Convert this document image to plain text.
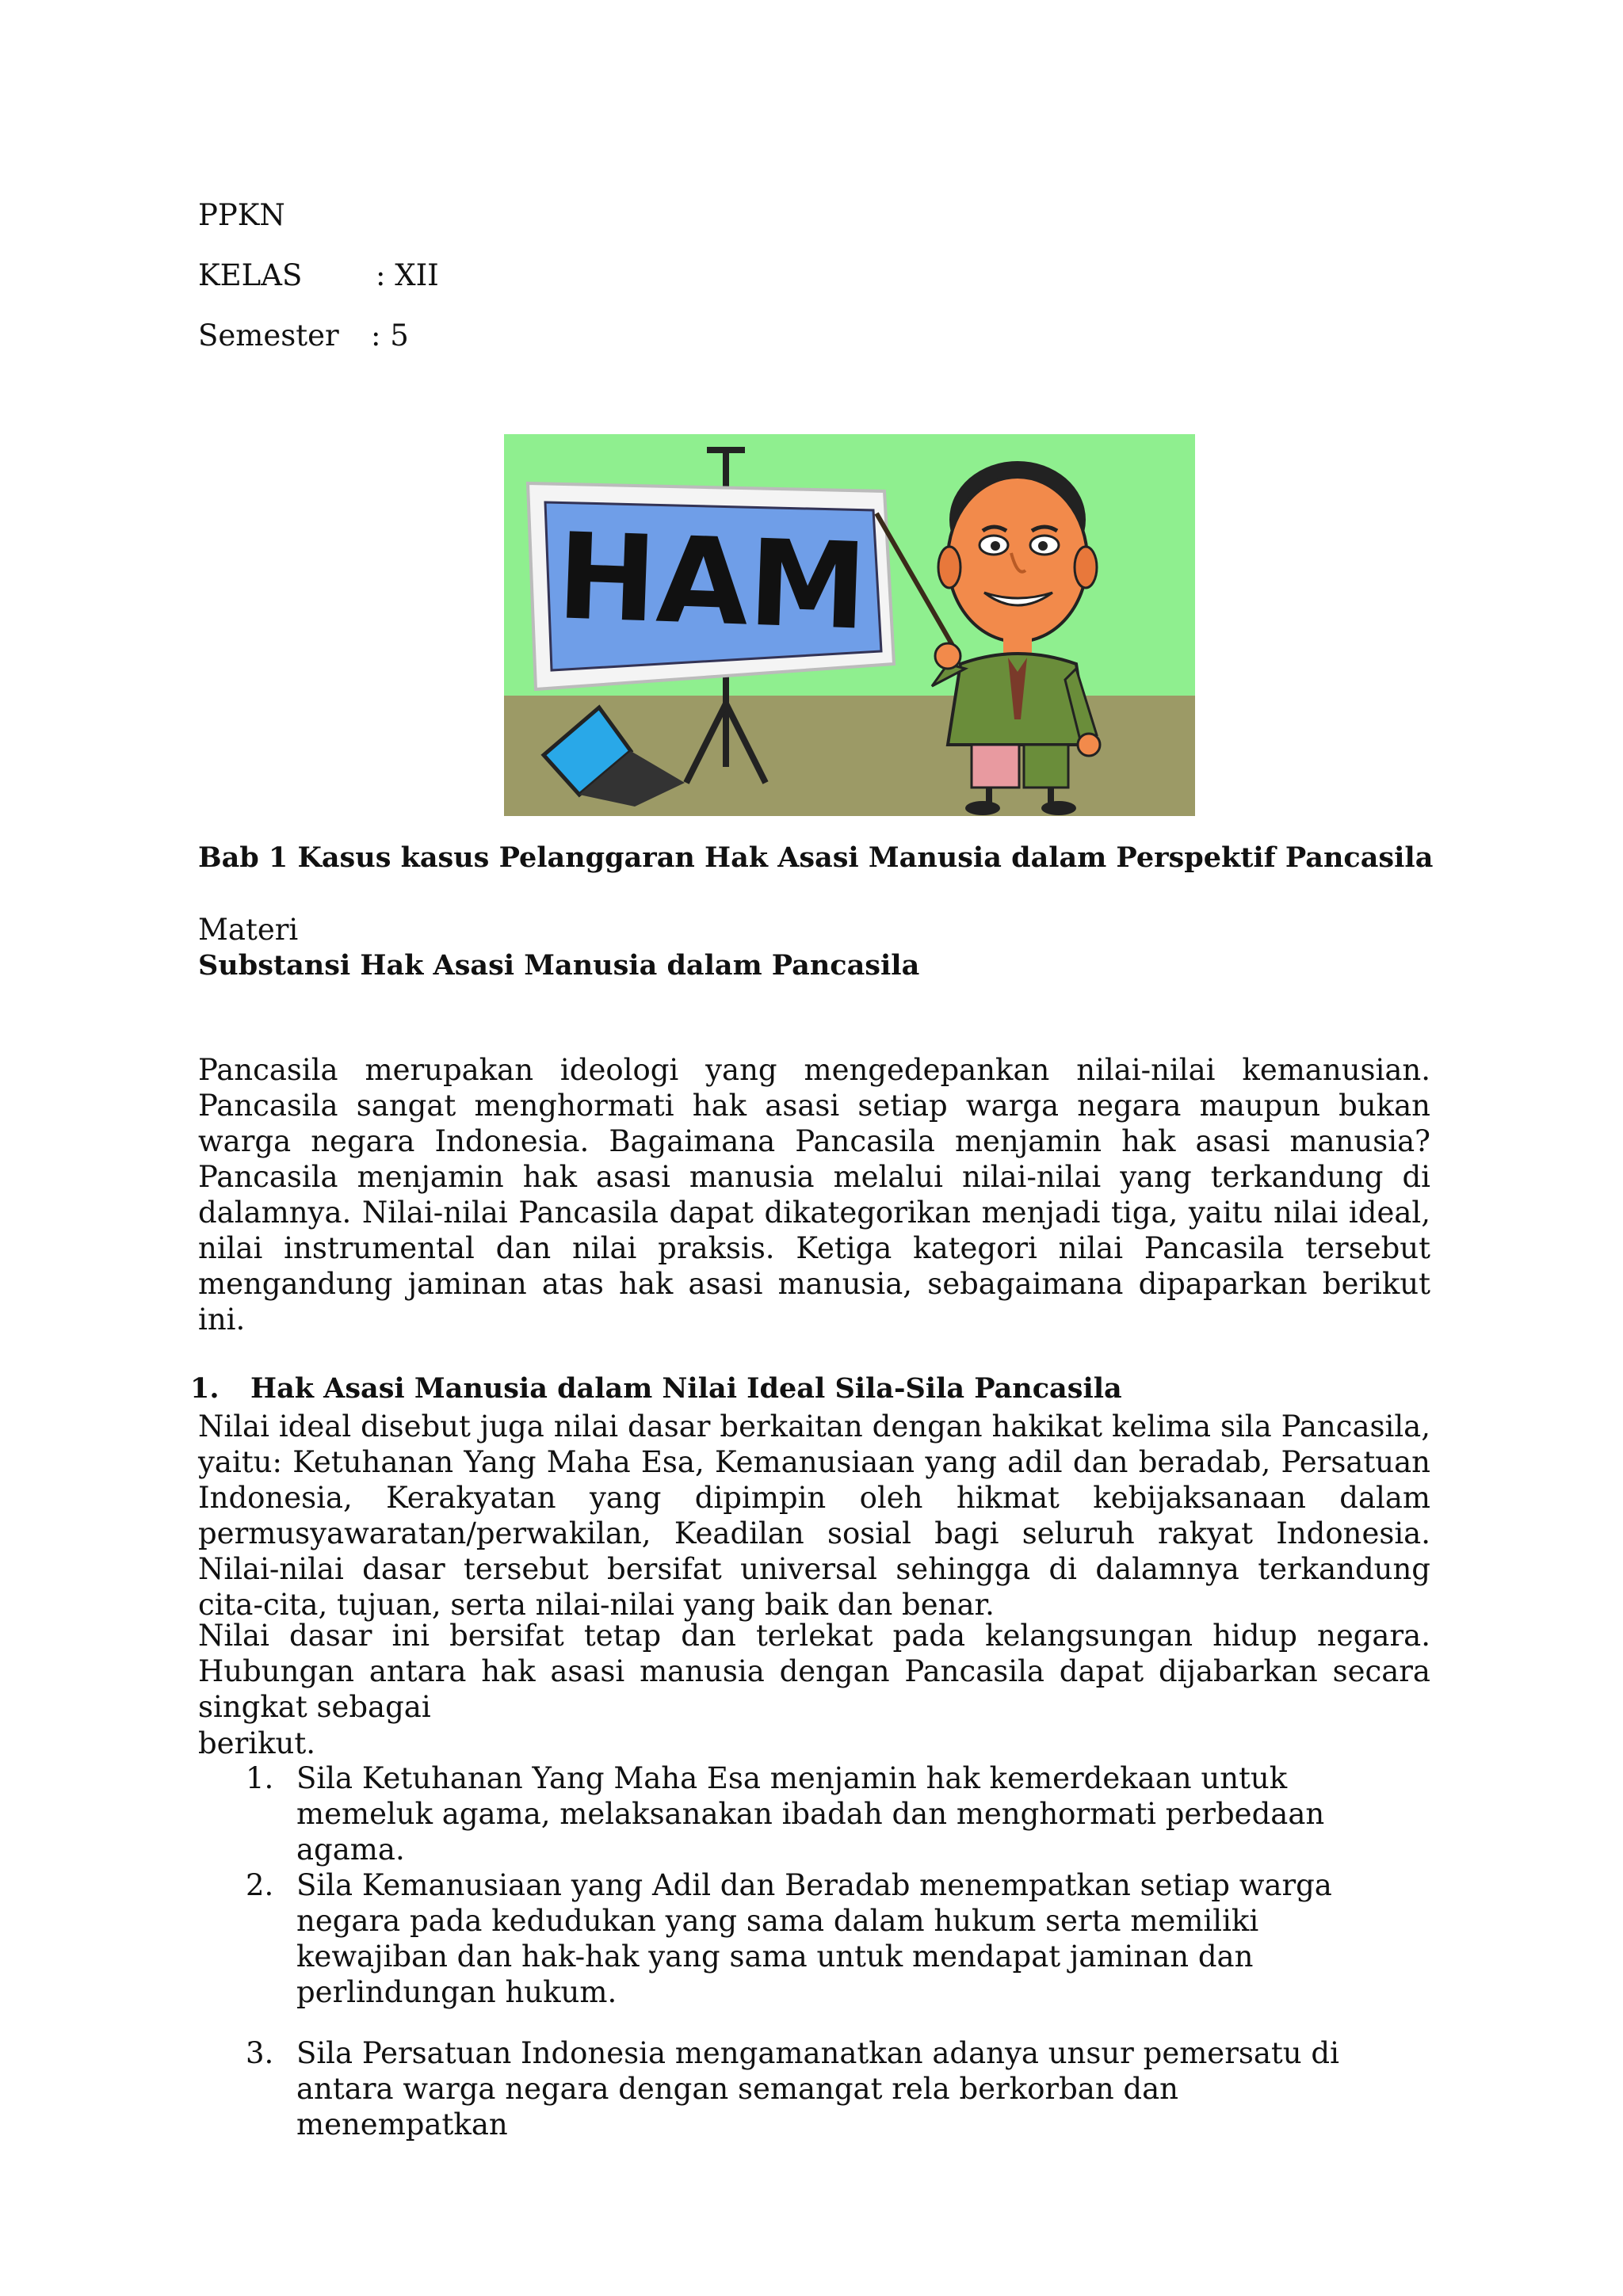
PPKN
KELAS	: XII
Semester : 5
HAM
Bab 1 Kasus kasus Pelanggaran Hak Asasi Manusia dalam Perspektif Pancasila
Materi
Substansi Hak Asasi Manusia dalam Pancasila

Pancasila merupakan ideologi yang mengedepankan nilai-nilai kemanusian. Pancasila sangat menghormati hak asasi setiap warga negara maupun bukan warga negara Indonesia. Bagaimana Pancasila menjamin hak asasi manusia? Pancasila menjamin hak asasi manusia melalui nilai-nilai yang terkandung di dalamnya. Nilai-nilai Pancasila dapat dikategorikan menjadi tiga, yaitu nilai ideal, nilai instrumental dan nilai praksis. Ketiga kategori nilai Pancasila tersebut mengandung jaminan atas hak asasi manusia, sebagaimana dipaparkan berikut ini.

1. Hak Asasi Manusia dalam Nilai Ideal Sila-Sila Pancasila

Nilai ideal disebut juga nilai dasar berkaitan dengan hakikat kelima sila Pancasila, yaitu: Ketuhanan Yang Maha Esa, Kemanusiaan yang adil dan beradab, Persatuan Indonesia, Kerakyatan yang dipimpin oleh hikmat kebijaksanaan dalam permusyawaratan/perwakilan, Keadilan sosial bagi seluruh rakyat Indonesia. Nilai-nilai dasar tersebut bersifat universal sehingga di dalamnya terkandung cita-cita, tujuan, serta nilai-nilai yang baik dan benar.

Nilai dasar ini bersifat tetap dan terlekat pada kelangsungan hidup negara. Hubungan antara hak asasi manusia dengan Pancasila dapat dijabarkan secara singkat sebagai

berikut.

1. Sila Ketuhanan Yang Maha Esa menjamin hak kemerdekaan untuk memeluk agama, melaksanakan ibadah dan menghormati perbedaan agama.
2. Sila Kemanusiaan yang Adil dan Beradab menempatkan setiap warga negara pada kedudukan yang sama dalam hukum serta memiliki kewajiban dan hak-hak yang sama untuk mendapat jaminan dan perlindungan hukum.
3. Sila Persatuan Indonesia mengamanatkan adanya unsur pemersatu di antara warga negara dengan semangat rela berkorban dan menempatkan
